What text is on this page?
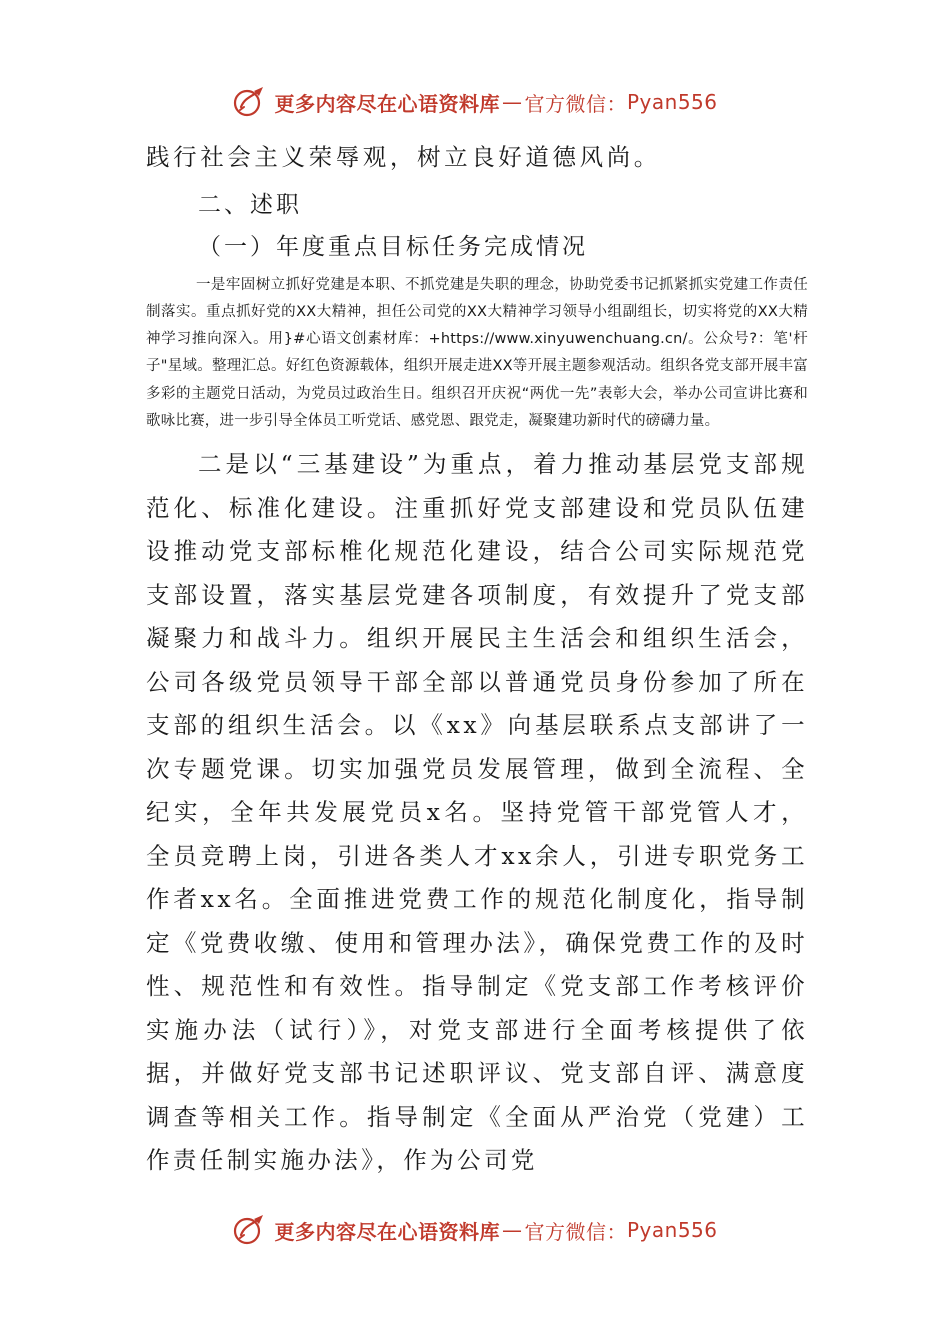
更多内容尽在心语资料库 — 官方微信： Pyan556

践行社会主义荣辱观，树立良好道德风尚。

二、述职

（一）年度重点目标任务完成情况

一是牢固树立抓好党建是本职、不抓党建是失职的理念，协助党委书记抓紧抓实党建工作责任制落实。重点抓好党的XX大精神，担任公司党的XX大精神学习领导小组副组长，切实将党的XX大精神学习推向深入。用}#心语文创素材库：+https://www.xinyuwenchuang.cn/。公众号?：笔'杆子"星域。整理汇总。好红色资源载体，组织开展走进XX等开展主题参观活动。组织各党支部开展丰富多彩的主题党日活动，为党员过政治生日。组织召开庆祝“两优一先”表彰大会，举办公司宣讲比赛和歌咏比赛，进一步引导全体员工听党话、感党恩、跟党走，凝聚建功新时代的磅礴力量。

二是以“三基建设”为重点，着力推动基层党支部规范化、标准化建设。注重抓好党支部建设和党员队伍建设推动党支部标椎化规范化建设，结合公司实际规范党支部设置，落实基层党建各项制度，有效提升了党支部凝聚力和战斗力。组织开展民主生活会和组织生活会，公司各级党员领导干部全部以普通党员身份参加了所在支部的组织生活会。以《xx》向基层联系点支部讲了一次专题党课。切实加强党员发展管理，做到全流程、全纪实，全年共发展党员x名。坚持党管干部党管人才，全员竞聘上岗，引进各类人才xx余人，引进专职党务工作者xx名。全面推进党费工作的规范化制度化，指导制定《党费收缴、使用和管理办法》，确保党费工作的及时性、规范性和有效性。指导制定《党支部工作考核评价实施办法（试行）》，对党支部进行全面考核提供了依据，并做好党支部书记述职评议、党支部自评、满意度调查等相关工作。指导制定《全面从严治党（党建）工作责任制实施办法》，作为公司党

更多内容尽在心语资料库 — 官方微信： Pyan556
